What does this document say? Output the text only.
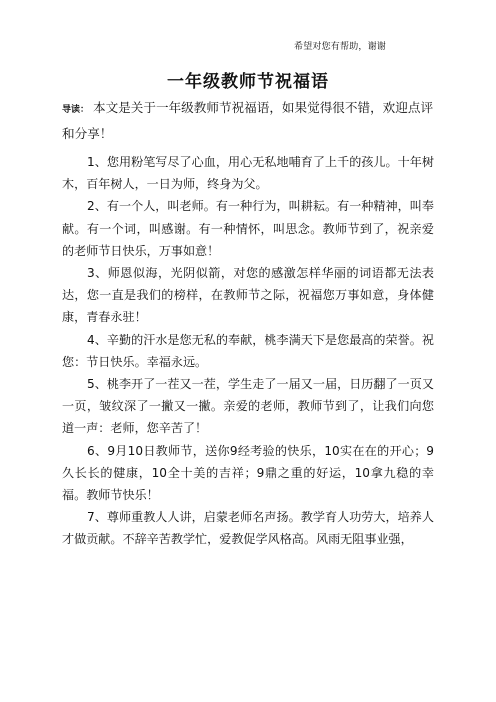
希望对您有帮助，谢谢
一年级教师节祝福语
导读： 本文是关于一年级教师节祝福语，如果觉得很不错，欢迎点评和分享！

1、您用粉笔写尽了心血，用心无私地哺育了上千的孩儿。十年树木，百年树人，一日为师，终身为父。

2、有一个人，叫老师。有一种行为，叫耕耘。有一种精神，叫奉献。有一个词，叫感谢。有一种情怀，叫思念。教师节到了，祝亲爱的老师节日快乐，万事如意！

3、师恩似海，光阴似箭，对您的感激怎样华丽的词语都无法表达，您一直是我们的榜样，在教师节之际，祝福您万事如意，身体健康，青春永驻！

4、辛勤的汗水是您无私的奉献，桃李满天下是您最高的荣誉。祝您：节日快乐。幸福永远。

5、桃李开了一茬又一茬，学生走了一届又一届，日历翻了一页又一页，皱纹深了一撇又一撇。亲爱的老师，教师节到了，让我们向您道一声：老师，您辛苦了！

6、9月10日教师节，送你9经考验的快乐，10实在在的开心；9久长长的健康，10全十美的吉祥；9鼎之重的好运，10拿九稳的幸福。教师节快乐！

7、尊师重教人人讲，启蒙老师名声扬。教学育人功劳大，培养人才做贡献。不辞辛苦教学忙，爱教促学风格高。风雨无阻事业强，
